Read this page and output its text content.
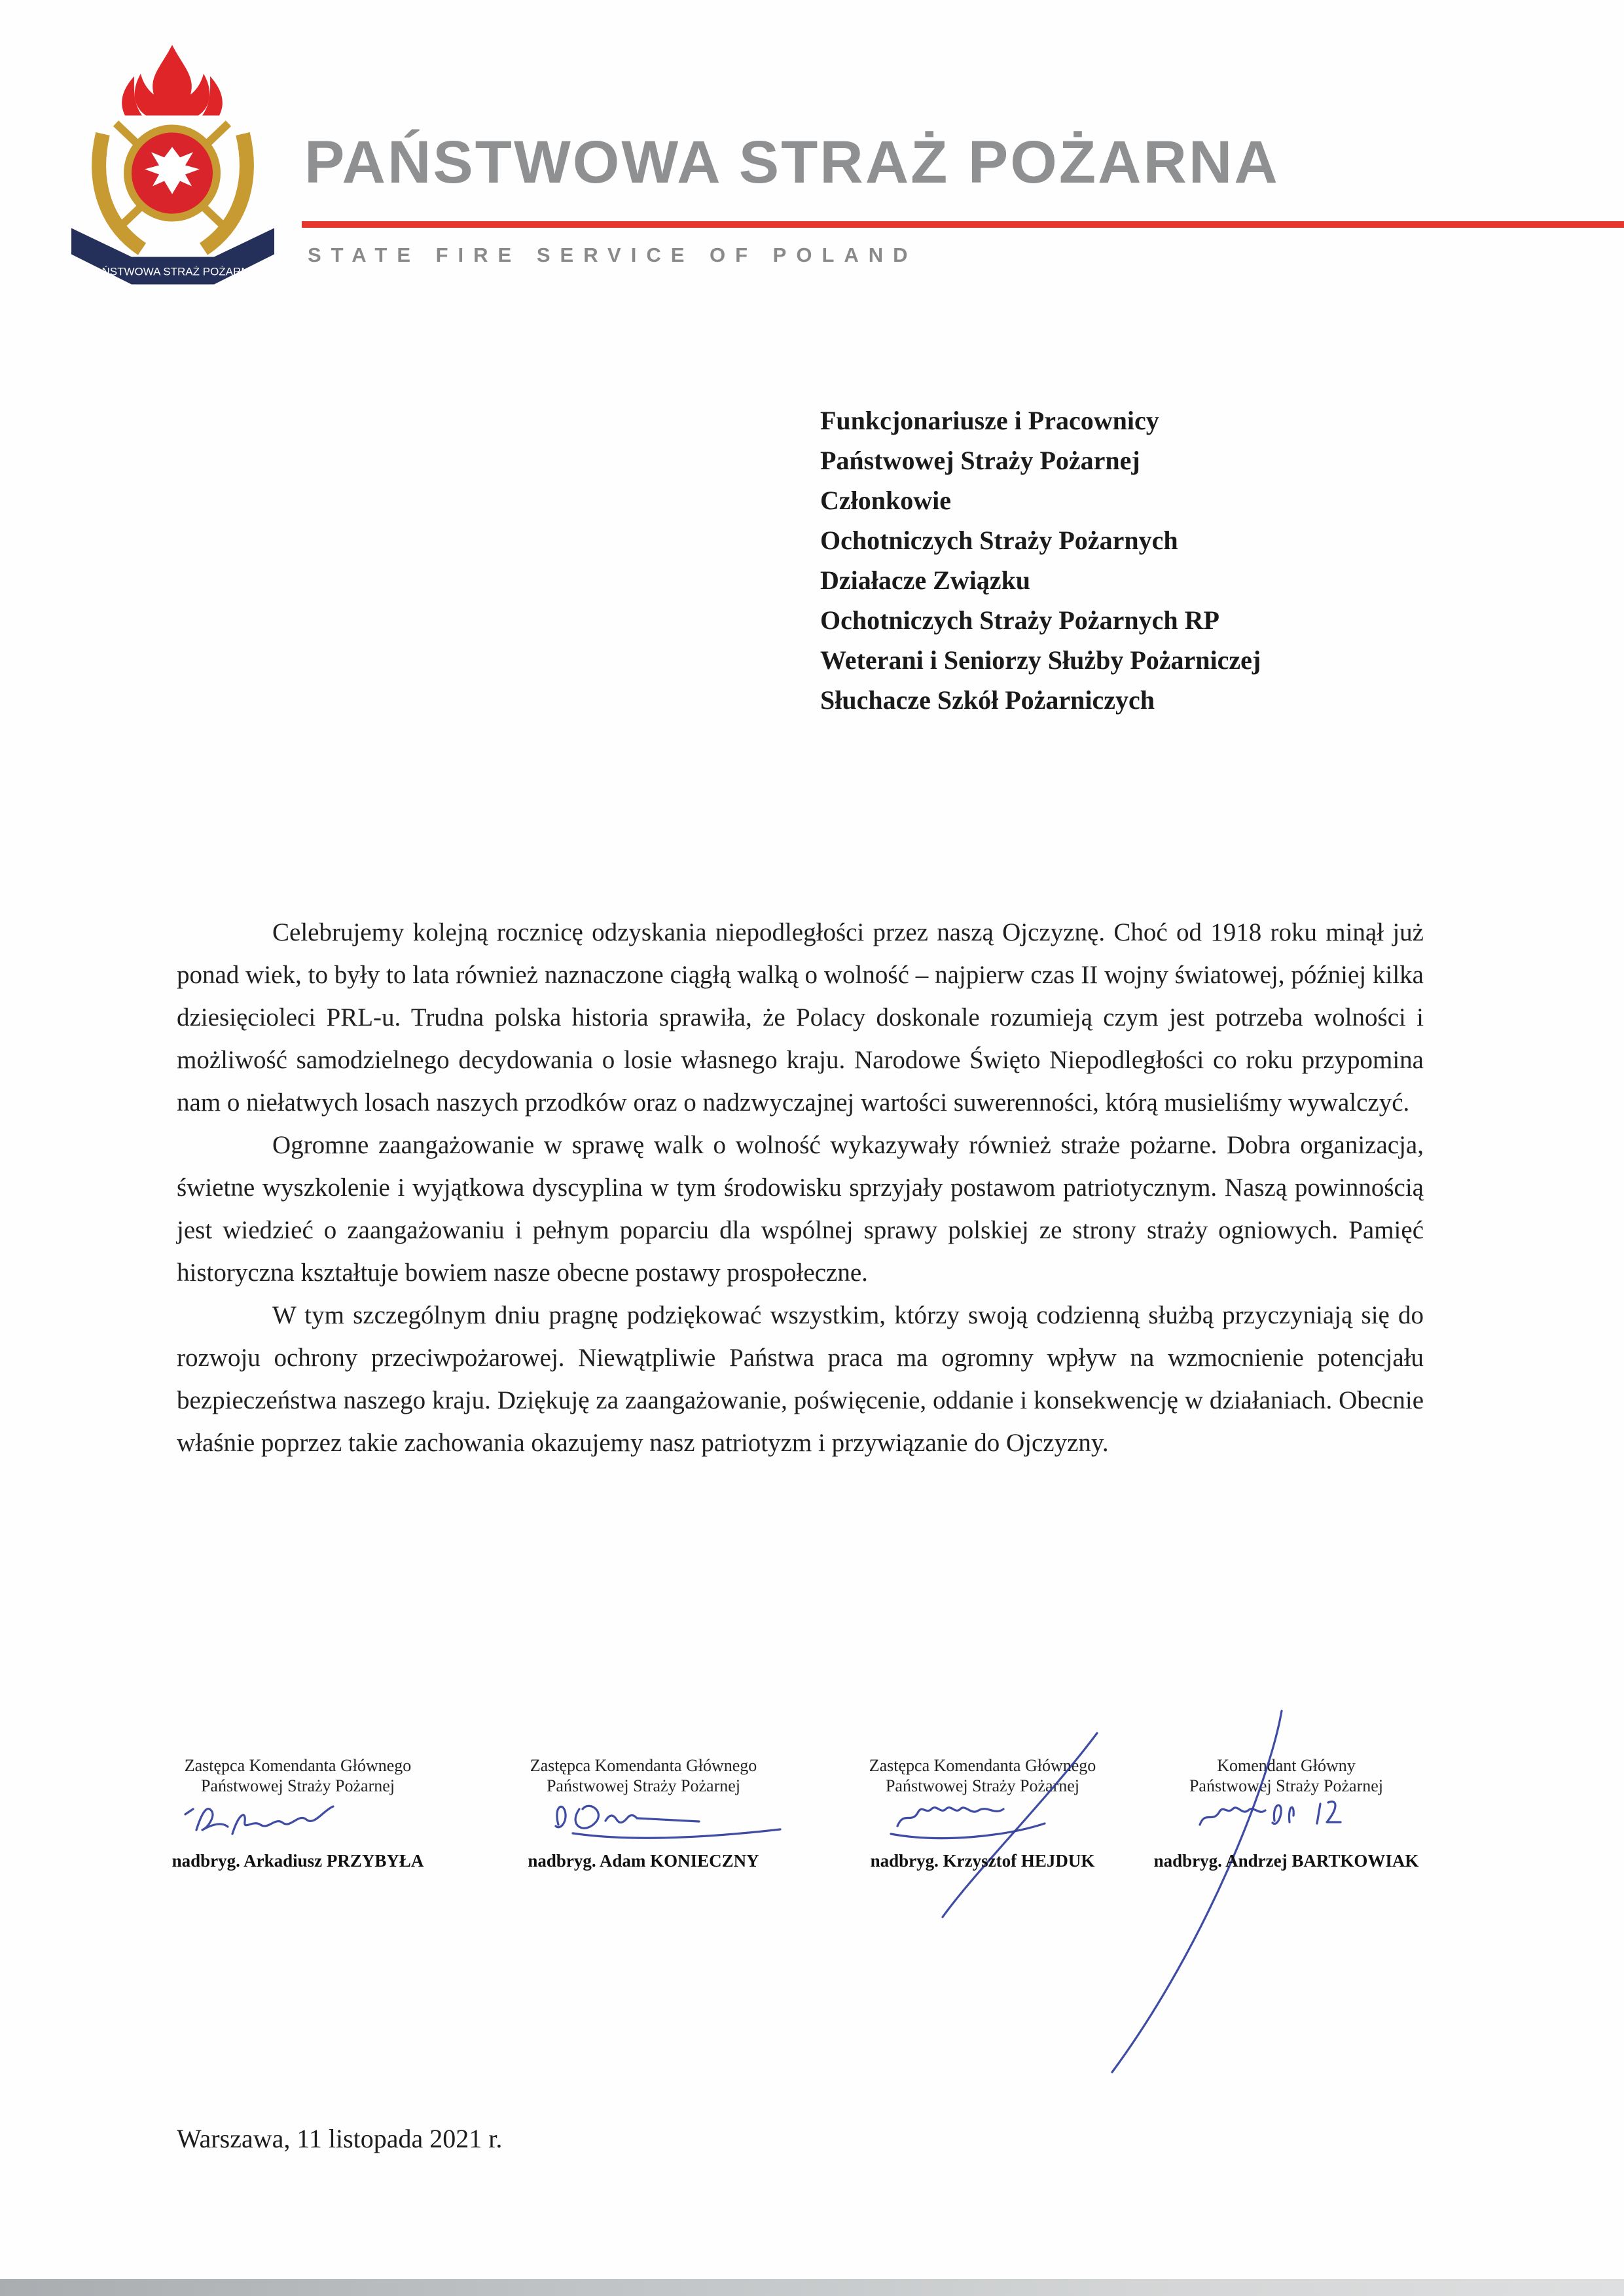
PAŃSTWOWA STRAŻ POŻARNA
PAŃSTWOWA STRAŻ POŻARNA
STATE FIRE SERVICE OF POLAND
Funkcjonariusze i Pracownicy
Państwowej Straży Pożarnej
Członkowie
Ochotniczych Straży Pożarnych
Działacze Związku
Ochotniczych Straży Pożarnych RP
Weterani i Seniorzy Służby Pożarniczej
Słuchacze Szkół Pożarniczych

Celebrujemy kolejną rocznicę odzyskania niepodległości przez naszą Ojczyznę. Choć od 1918 roku minął już ponad wiek, to były to lata również naznaczone ciągłą walką o wolność – najpierw czas II wojny światowej, później kilka dziesięcioleci PRL-u. Trudna polska historia sprawiła, że Polacy doskonale rozumieją czym jest potrzeba wolności i możliwość samodzielnego decydowania o losie własnego kraju. Narodowe Święto Niepodległości co roku przypomina nam o niełatwych losach naszych przodków oraz o nadzwyczajnej wartości suwerenności, którą musieliśmy wywalczyć.

Ogromne zaangażowanie w sprawę walk o wolność wykazywały również straże pożarne. Dobra organizacja, świetne wyszkolenie i wyjątkowa dyscyplina w tym środowisku sprzyjały postawom patriotycznym. Naszą powinnością jest wiedzieć o zaangażowaniu i pełnym poparciu dla wspólnej sprawy polskiej ze strony straży ogniowych. Pamięć historyczna kształtuje bowiem nasze obecne postawy prospołeczne.

W tym szczególnym dniu pragnę podziękować wszystkim, którzy swoją codzienną służbą przyczyniają się do rozwoju ochrony przeciwpożarowej. Niewątpliwie Państwa praca ma ogromny wpływ na wzmocnienie potencjału bezpieczeństwa naszego kraju. Dziękuję za zaangażowanie, poświęcenie, oddanie i konsekwencję w działaniach. Obecnie właśnie poprzez takie zachowania okazujemy nasz patriotyzm i przywiązanie do Ojczyzny.

Zastępca Komendanta Głównego
Państwowej Straży Pożarnej
nadbryg. Arkadiusz PRZYBYŁA
Zastępca Komendanta Głównego
Państwowej Straży Pożarnej
nadbryg. Adam KONIECZNY
Zastępca Komendanta Głównego
Państwowej Straży Pożarnej
nadbryg. Krzysztof HEJDUK
Komendant Główny
Państwowej Straży Pożarnej
nadbryg. Andrzej BARTKOWIAK
Warszawa, 11 listopada 2021 r.
